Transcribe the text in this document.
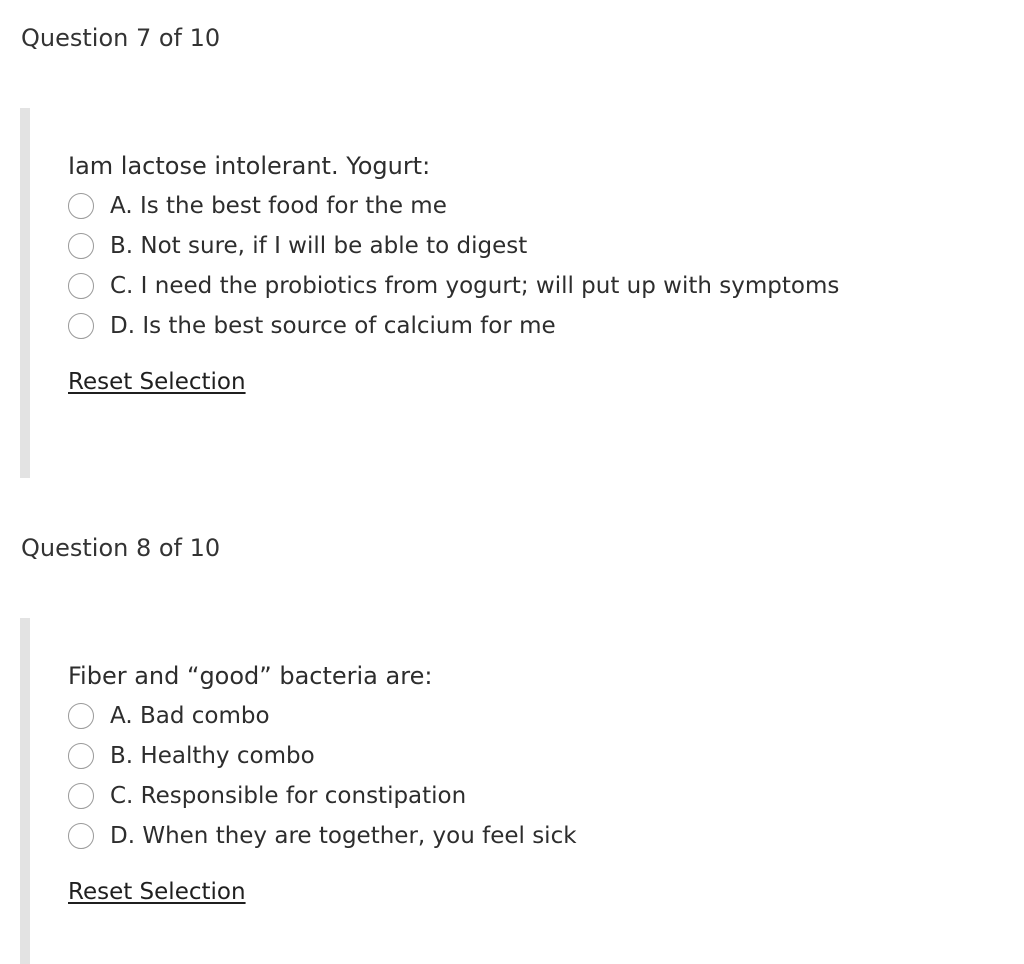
Question 7 of 10
Iam lactose intolerant. Yogurt:
A. Is the best food for the me
B. Not sure, if I will be able to digest
C. I need the probiotics from yogurt; will put up with symptoms
D. Is the best source of calcium for me
Reset Selection
Question 8 of 10
Fiber and “good” bacteria are:
A. Bad combo
B. Healthy combo
C. Responsible for constipation
D. When they are together, you feel sick
Reset Selection
